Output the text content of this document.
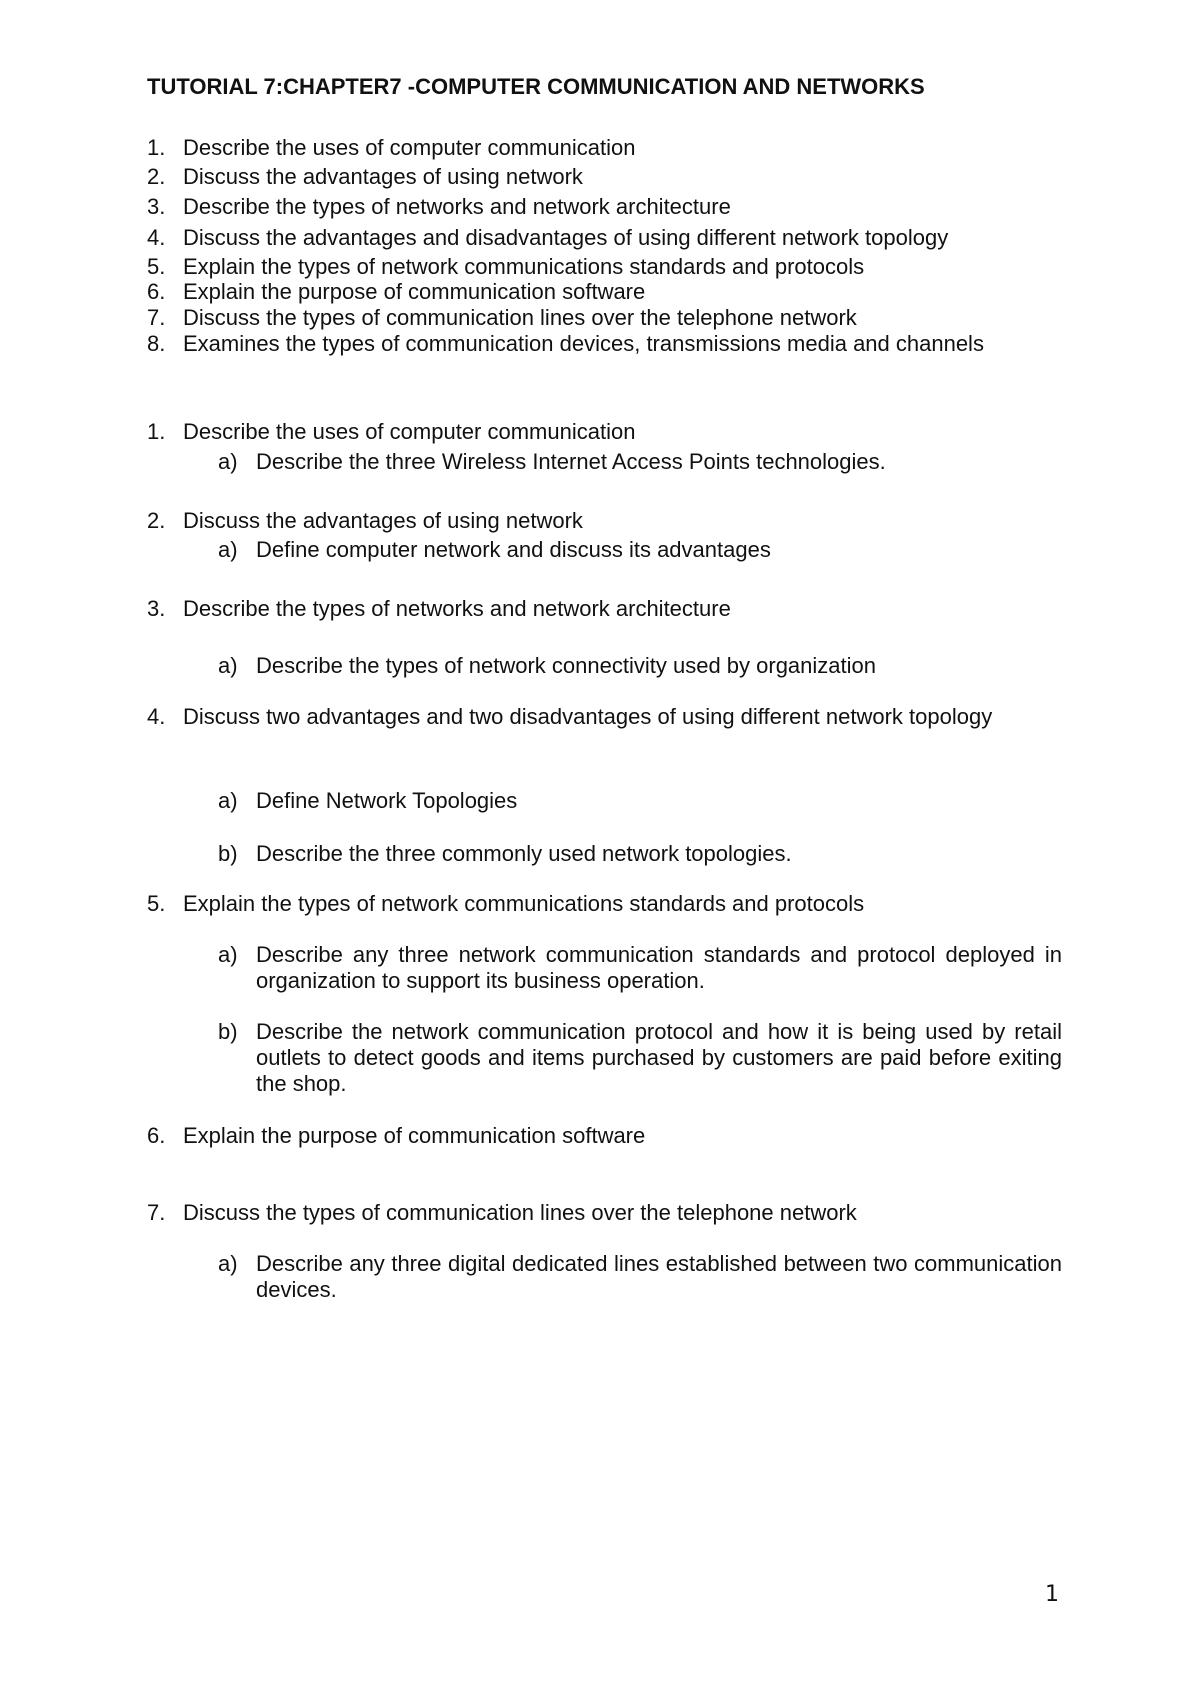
TUTORIAL 7:CHAPTER7 -COMPUTER COMMUNICATION AND NETWORKS
1. Describe the uses of computer communication
2. Discuss the advantages of using network
3. Describe the types of networks and network architecture
4. Discuss the advantages and disadvantages of using different network topology
5. Explain the types of network communications standards and protocols
6. Explain the purpose of communication software
7. Discuss the types of communication lines over the telephone network
8. Examines the types of communication devices, transmissions media and channels
1. Describe the uses of computer communication
a) Describe the three Wireless Internet Access Points technologies.
2. Discuss the advantages of using network
a) Define computer network and discuss its advantages
3. Describe the types of networks and network architecture
a) Describe the types of network connectivity used by organization
4. Discuss two advantages and two disadvantages of using different network topology
a) Define Network Topologies
b) Describe the three commonly used network topologies.
5. Explain the types of network communications standards and protocols
a) Describe any three network communication standards and protocol deployed in organization to support its business operation.
b) Describe the network communication protocol and how it is being used by retail outlets to detect goods and items purchased by customers are paid before exiting the shop.
6. Explain the purpose of communication software
7. Discuss the types of communication lines over the telephone network
a) Describe any three digital dedicated lines established between two communication devices.
1
